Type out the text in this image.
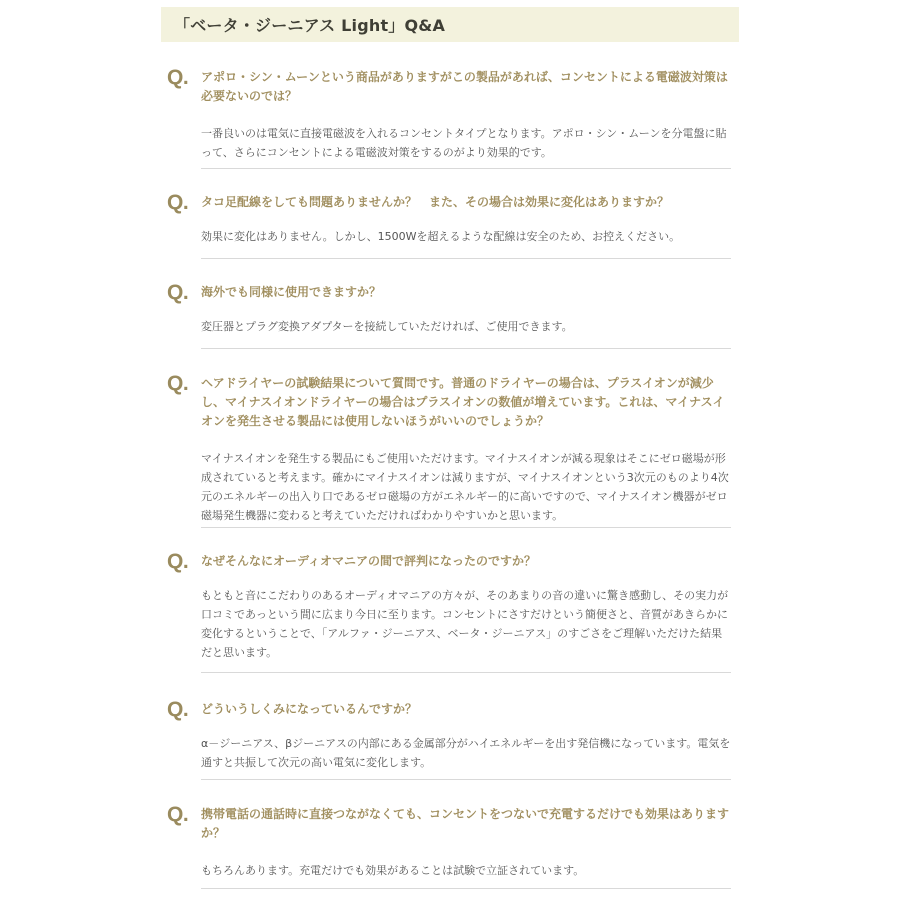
「ベータ・ジーニアス Light」Q&A
Q. アポロ・シン・ムーンという商品がありますがこの製品があれば、コンセントによる電磁波対策は必要ないのでは？
一番良いのは電気に直接電磁波を入れるコンセントタイプとなります。アポロ・シン・ムーンを分電盤に貼って、さらにコンセントによる電磁波対策をするのがより効果的です。
Q. タコ足配線をしても問題ありませんか？　また、その場合は効果に変化はありますか？
効果に変化はありません。しかし、1500Wを超えるような配線は安全のため、お控えください。
Q. 海外でも同様に使用できますか？
変圧器とプラグ変換アダプターを接続していただければ、ご使用できます。
Q. ヘアドライヤーの試験結果について質問です。普通のドライヤーの場合は、プラスイオンが減少し、マイナスイオンドライヤーの場合はプラスイオンの数値が増えています。これは、マイナスイオンを発生させる製品には使用しないほうがいいのでしょうか？
マイナスイオンを発生する製品にもご使用いただけます。マイナスイオンが減る現象はそこにゼロ磁場が形成されていると考えます。確かにマイナスイオンは減りますが、マイナスイオンという3次元のものより4次元のエネルギーの出入り口であるゼロ磁場の方がエネルギー的に高いですので、マイナスイオン機器がゼロ磁場発生機器に変わると考えていただければわかりやすいかと思います。
Q. なぜそんなにオーディオマニアの間で評判になったのですか？
もともと音にこだわりのあるオーディオマニアの方々が、そのあまりの音の違いに驚き感動し、その実力が口コミであっという間に広まり今日に至ります。コンセントにさすだけという簡便さと、音質があきらかに変化するということで、「アルファ・ジーニアス、ベータ・ジーニアス」のすごさをご理解いただけた結果だと思います。
Q. どういうしくみになっているんですか？
α－ジーニアス、βジーニアスの内部にある金属部分がハイエネルギーを出す発信機になっています。電気を通すと共振して次元の高い電気に変化します。
Q. 携帯電話の通話時に直接つながなくても、コンセントをつないで充電するだけでも効果はありますか？
もちろんあります。充電だけでも効果があることは試験で立証されています。
